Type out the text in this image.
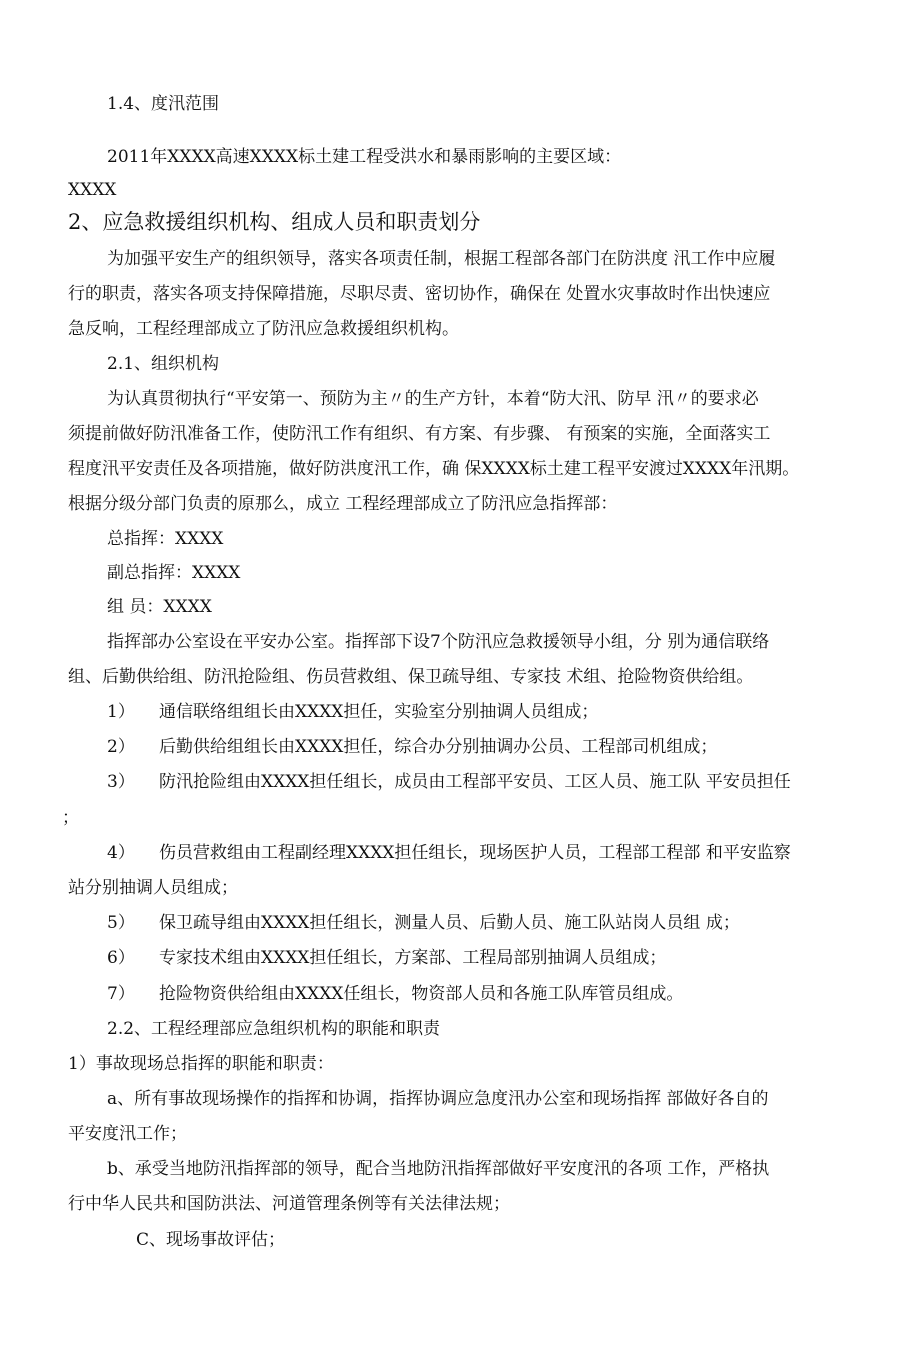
1.4、度汛范围
2011年XXXX高速XXXX标土建工程受洪水和暴雨影响的主要区域：
XXXX
2、应急救援组织机构、组成人员和职责划分
为加强平安生产的组织领导，落实各项责任制，根据工程部各部门在防洪度 汛工作中应履
行的职责，落实各项支持保障措施，尽职尽责、密切协作，确保在 处置水灾事故时作出快速应
急反响，工程经理部成立了防汛应急救援组织机构。
2.1、组织机构
为认真贯彻执行“平安第一、预防为主〃的生产方针，本着“防大汛、防早 汛〃的要求必
须提前做好防汛准备工作，使防汛工作有组织、有方案、有步骤、 有预案的实施，全面落实工
程度汛平安责任及各项措施，做好防洪度汛工作，确 保XXXX标土建工程平安渡过XXXX年汛期。
根据分级分部门负责的原那么，成立 工程经理部成立了防汛应急指挥部：
总指挥：XXXX
副总指挥：XXXX
组 员：XXXX
指挥部办公室设在平安办公室。指挥部下设7个防汛应急救援领导小组，分 别为通信联络
组、后勤供给组、防汛抢险组、伤员营救组、保卫疏导组、专家技 术组、抢险物资供给组。
1） 通信联络组组长由XXXX担任，实验室分别抽调人员组成；
2） 后勤供给组组长由XXXX担任，综合办分别抽调办公员、工程部司机组成；
3） 防汛抢险组由XXXX担任组长，成员由工程部平安员、工区人员、施工队 平安员担任
；
4） 伤员营救组由工程副经理XXXX担任组长，现场医护人员，工程部工程部 和平安监察
站分别抽调人员组成；
5） 保卫疏导组由XXXX担任组长，测量人员、后勤人员、施工队站岗人员组 成；
6） 专家技术组由XXXX担任组长，方案部、工程局部别抽调人员组成；
7） 抢险物资供给组由XXXX任组长，物资部人员和各施工队库管员组成。
2.2、工程经理部应急组织机构的职能和职责
1）事故现场总指挥的职能和职责：
a、所有事故现场操作的指挥和协调，指挥协调应急度汛办公室和现场指挥 部做好各自的
平安度汛工作；
b、承受当地防汛指挥部的领导，配合当地防汛指挥部做好平安度汛的各项 工作，严格执
行中华人民共和国防洪法、河道管理条例等有关法律法规；
C、现场事故评估；
